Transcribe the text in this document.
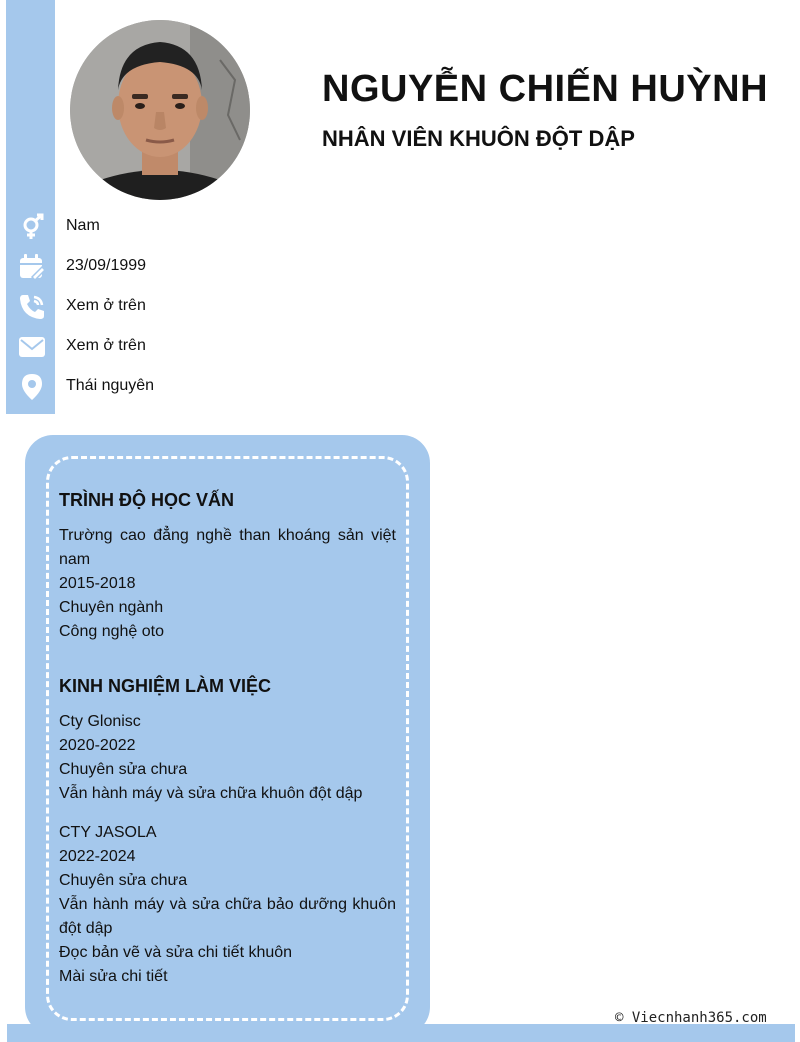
NGUYỄN CHIẾN HUỲNH
NHÂN VIÊN KHUÔN ĐỘT DẬP
Nam
23/09/1999
Xem ở trên
Xem ở trên
Thái nguyên
TRÌNH ĐỘ HỌC VẤN

Trường cao đẳng nghề than khoáng sản việt nam

2015-2018

Chuyên ngành

Công nghệ oto

KINH NGHIỆM LÀM VIỆC

Cty Glonisc

2020-2022

Chuyên sửa chưa

Vẫn hành máy và sửa chữa khuôn đột dập

CTY JASOLA

2022-2024

Chuyên sửa chưa

Vẫn hành máy và sửa chữa bảo dưỡng khuôn đột dập

Đọc bản vẽ và sửa chi tiết khuôn

Mài sửa chi tiết

© Viecnhanh365.com
